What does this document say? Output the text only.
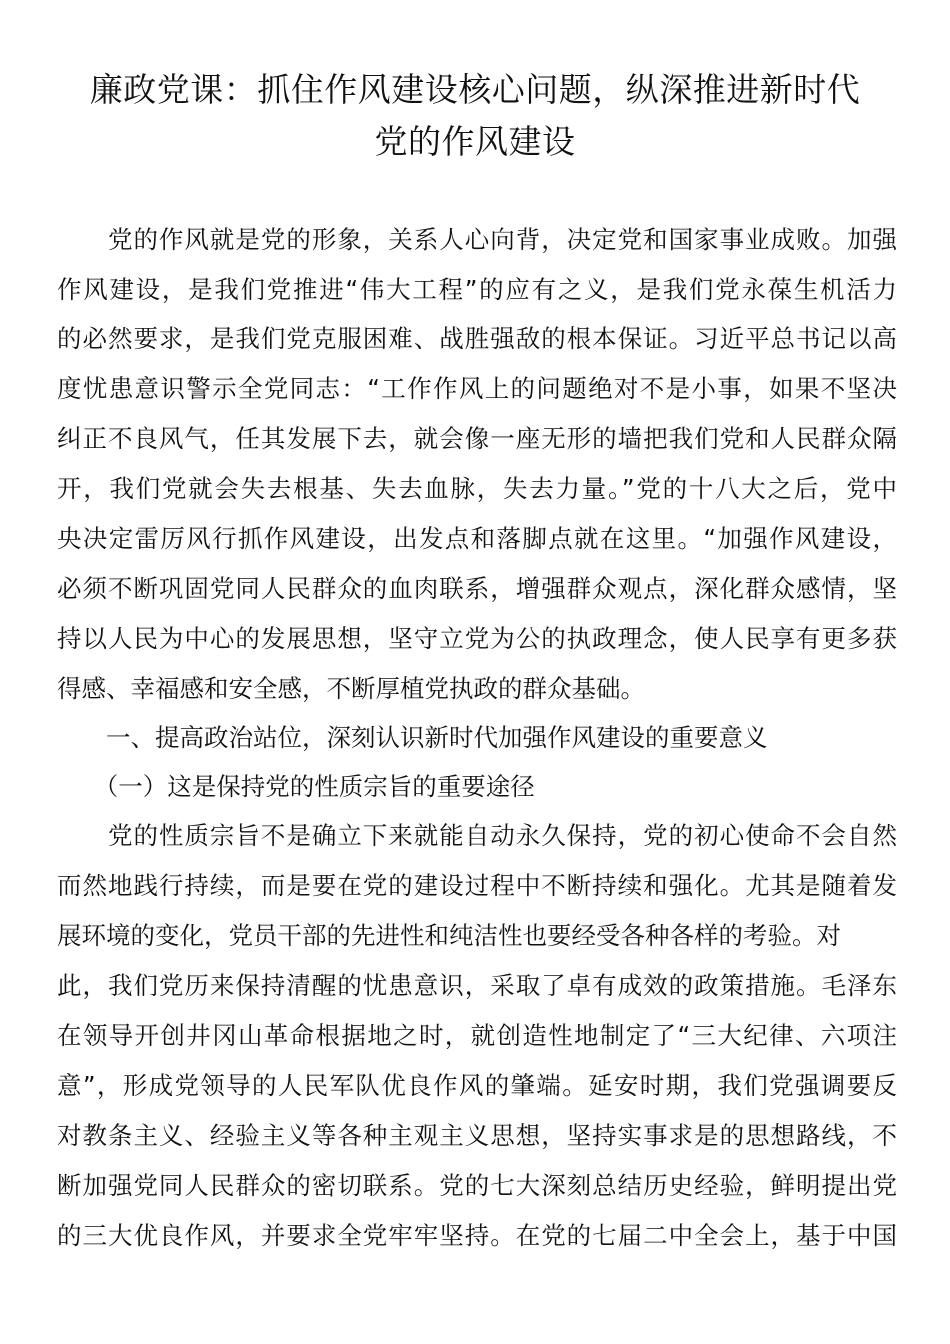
廉政党课：抓住作风建设核心问题，纵深推进新时代
党的作风建设
　　党的作风就是党的形象，关系人心向背，决定党和国家事业成败。加强
作风建设，是我们党推进“伟大工程”的应有之义，是我们党永葆生机活力
的必然要求，是我们党克服困难、战胜强敌的根本保证。习近平总书记以高
度忧患意识警示全党同志：“工作作风上的问题绝对不是小事，如果不坚决
纠正不良风气，任其发展下去，就会像一座无形的墙把我们党和人民群众隔
开，我们党就会失去根基、失去血脉，失去力量。”党的十八大之后，党中
央决定雷厉风行抓作风建设，出发点和落脚点就在这里。“加强作风建设，
必须不断巩固党同人民群众的血肉联系，增强群众观点，深化群众感情，坚
持以人民为中心的发展思想，坚守立党为公的执政理念，使人民享有更多获
得感、幸福感和安全感，不断厚植党执政的群众基础。
　　一、提高政治站位，深刻认识新时代加强作风建设的重要意义
　　（一）这是保持党的性质宗旨的重要途径
　　党的性质宗旨不是确立下来就能自动永久保持，党的初心使命不会自然
而然地践行持续，而是要在党的建设过程中不断持续和强化。尤其是随着发
展环境的变化，党员干部的先进性和纯洁性也要经受各种各样的考验。对
此，我们党历来保持清醒的忧患意识，采取了卓有成效的政策措施。毛泽东
在领导开创井冈山革命根据地之时，就创造性地制定了“三大纪律、六项注
意”，形成党领导的人民军队优良作风的肇端。延安时期，我们党强调要反
对教条主义、经验主义等各种主观主义思想，坚持实事求是的思想路线，不
断加强党同人民群众的密切联系。党的七大深刻总结历史经验，鲜明提出党
的三大优良作风，并要求全党牢牢坚持。在党的七届二中全会上，基于中国
